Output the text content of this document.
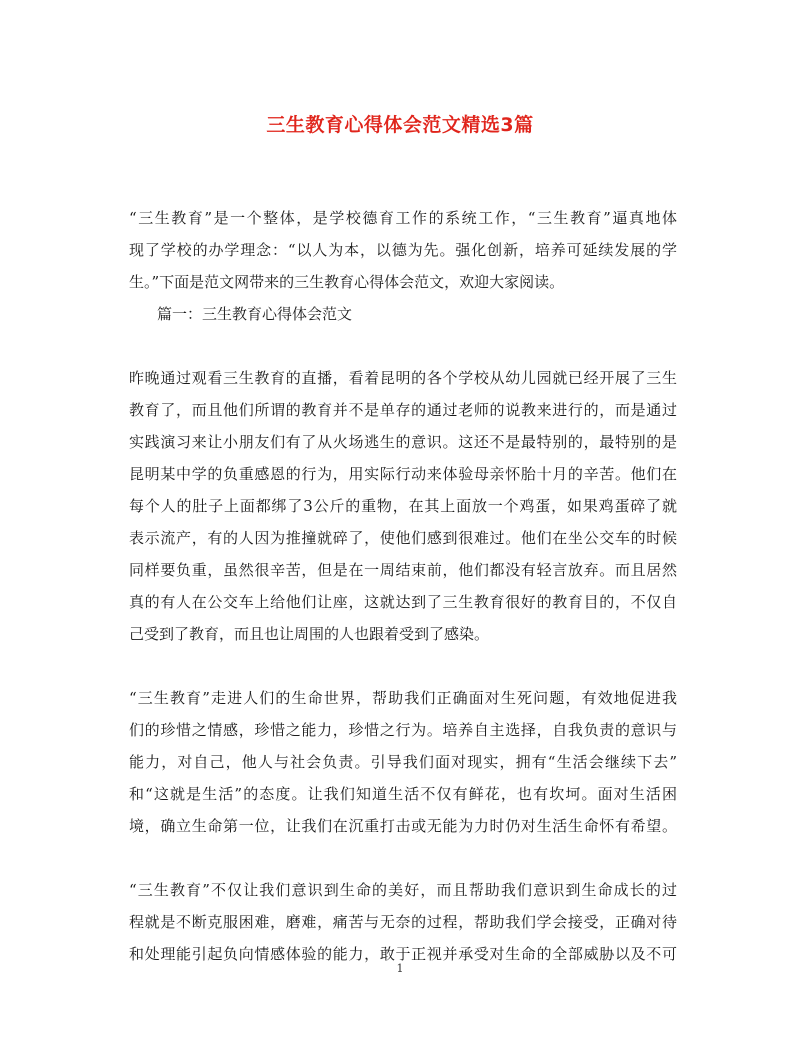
三生教育心得体会范文精选3篇
“三生教育”是一个整体，是学校德育工作的系统工作，“三生教育”逼真地体
现了学校的办学理念：“以人为本，以德为先。强化创新，培养可延续发展的学
生。”下面是范文网带来的三生教育心得体会范文，欢迎大家阅读。
篇一：三生教育心得体会范文
昨晚通过观看三生教育的直播，看着昆明的各个学校从幼儿园就已经开展了三生
教育了，而且他们所谓的教育并不是单存的通过老师的说教来进行的，而是通过
实践演习来让小朋友们有了从火场逃生的意识。这还不是最特别的，最特别的是
昆明某中学的负重感恩的行为，用实际行动来体验母亲怀胎十月的辛苦。他们在
每个人的肚子上面都绑了3公斤的重物，在其上面放一个鸡蛋，如果鸡蛋碎了就
表示流产，有的人因为推撞就碎了，使他们感到很难过。他们在坐公交车的时候
同样要负重，虽然很辛苦，但是在一周结束前，他们都没有轻言放弃。而且居然
真的有人在公交车上给他们让座，这就达到了三生教育很好的教育目的，不仅自
己受到了教育，而且也让周围的人也跟着受到了感染。
“三生教育”走进人们的生命世界，帮助我们正确面对生死问题，有效地促进我
们的珍惜之情感，珍惜之能力，珍惜之行为。培养自主选择，自我负责的意识与
能力，对自己，他人与社会负责。引导我们面对现实，拥有“生活会继续下去”
和“这就是生活”的态度。让我们知道生活不仅有鲜花，也有坎坷。面对生活困
境，确立生命第一位，让我们在沉重打击或无能为力时仍对生活生命怀有希望。
“三生教育”不仅让我们意识到生命的美好，而且帮助我们意识到生命成长的过
程就是不断克服困难，磨难，痛苦与无奈的过程，帮助我们学会接受，正确对待
和处理能引起负向情感体验的能力，敢于正视并承受对生命的全部威胁以及不可
1
